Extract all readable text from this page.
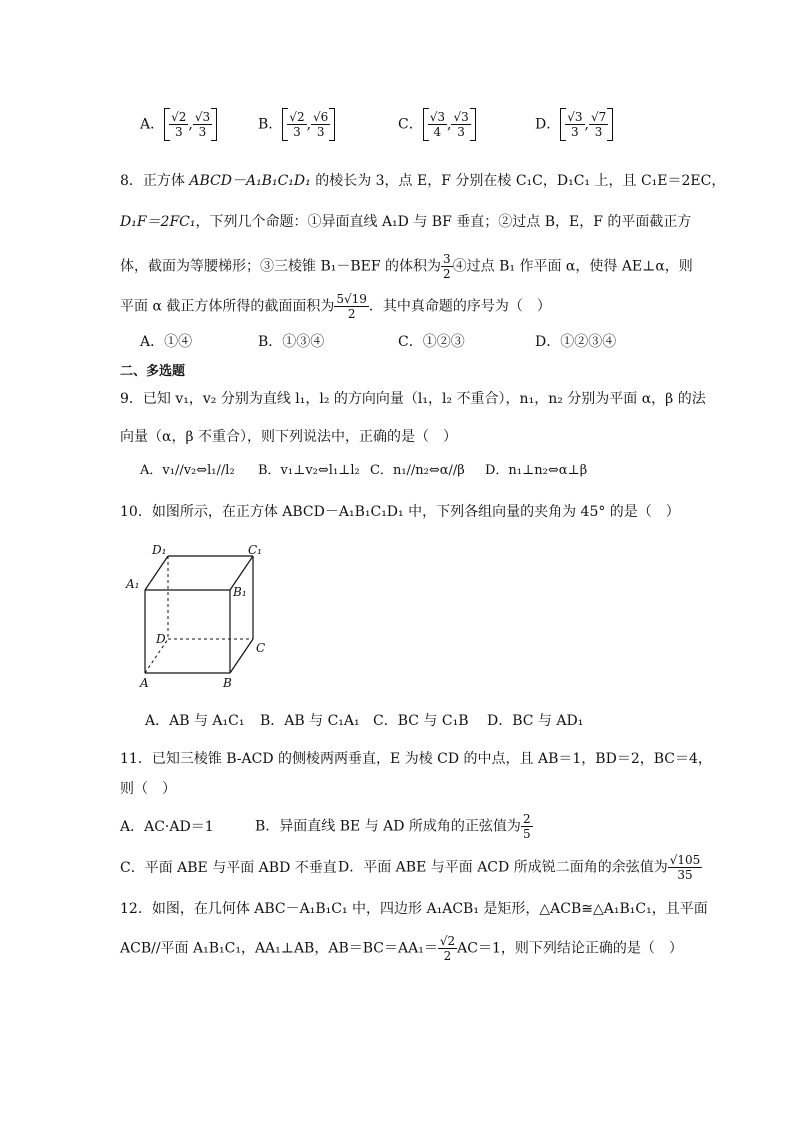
A． $\frac{√2}{3}$ , $\frac{√3}{3}$	B． $\frac{√2}{3}$ , $\frac{√6}{3}$	C． $\frac{√3}{4}$ , $\frac{√3}{3}$	D． $\frac{√3}{3}$ , $\frac{√7}{3}$
8．正方体 ABCD－A₁B₁C₁D₁ 的棱长为 3，点 E，F 分别在棱 C₁C，D₁C₁ 上，且 C₁E＝2EC，
D₁F＝2FC₁，下列几个命题：①异面直线 A₁D 与 BF 垂直；②过点 B，E，F 的平面截正方
体，截面为等腰梯形；③三棱锥 B₁－BEF 的体积为 $\frac{3}{2}$ ④过点 B₁ 作平面 α，使得 AE⊥α，则
平面 α 截正方体所得的截面面积为 $\frac{5√19}{2}$ ．其中真命题的序号为（　）
A．①④	B．①③④	C．①②③	D．①②③④
二、多选题
9．已知 v₁，v₂ 分别为直线 l₁，l₂ 的方向向量（l₁，l₂ 不重合），n₁，n₂ 分别为平面 α，β 的法
向量（α，β 不重合），则下列说法中，正确的是（　）
A．v₁//v₂⇔l₁//l₂ B．v₁⊥v₂⇔l₁⊥l₂ C．n₁//n₂⇔α//β D．n₁⊥n₂⇔α⊥β
10．如图所示，在正方体 ABCD－A₁B₁C₁D₁ 中，下列各组向量的夹角为 45° 的是（　）
D₁	C₁
A₁
B₁
D
C
A	B
A．AB 与 A₁C₁ B．AB 与 C₁A₁ C．BC 与 C₁B D．BC 与 AD₁
11．已知三棱锥 B-ACD 的侧棱两两垂直，E 为棱 CD 的中点，且 AB＝1，BD＝2，BC＝4，
则（　）
A．AC·AD＝1	B．异面直线 BE 与 AD 所成角的正弦值为 $\frac{2}{5}$
C．平面 ABE 与平面 ABD 不垂直 D．平面 ABE 与平面 ACD 所成锐二面角的余弦值为 $\frac{√105}{35}$
12．如图，在几何体 ABC－A₁B₁C₁ 中，四边形 A₁ACB₁ 是矩形，△ACB≅△A₁B₁C₁，且平面
ACB//平面 A₁B₁C₁，AA₁⊥AB，$AB=BC=AA_1= \frac{√2}{2} AC=1$，则下列结论正确的是（　）
